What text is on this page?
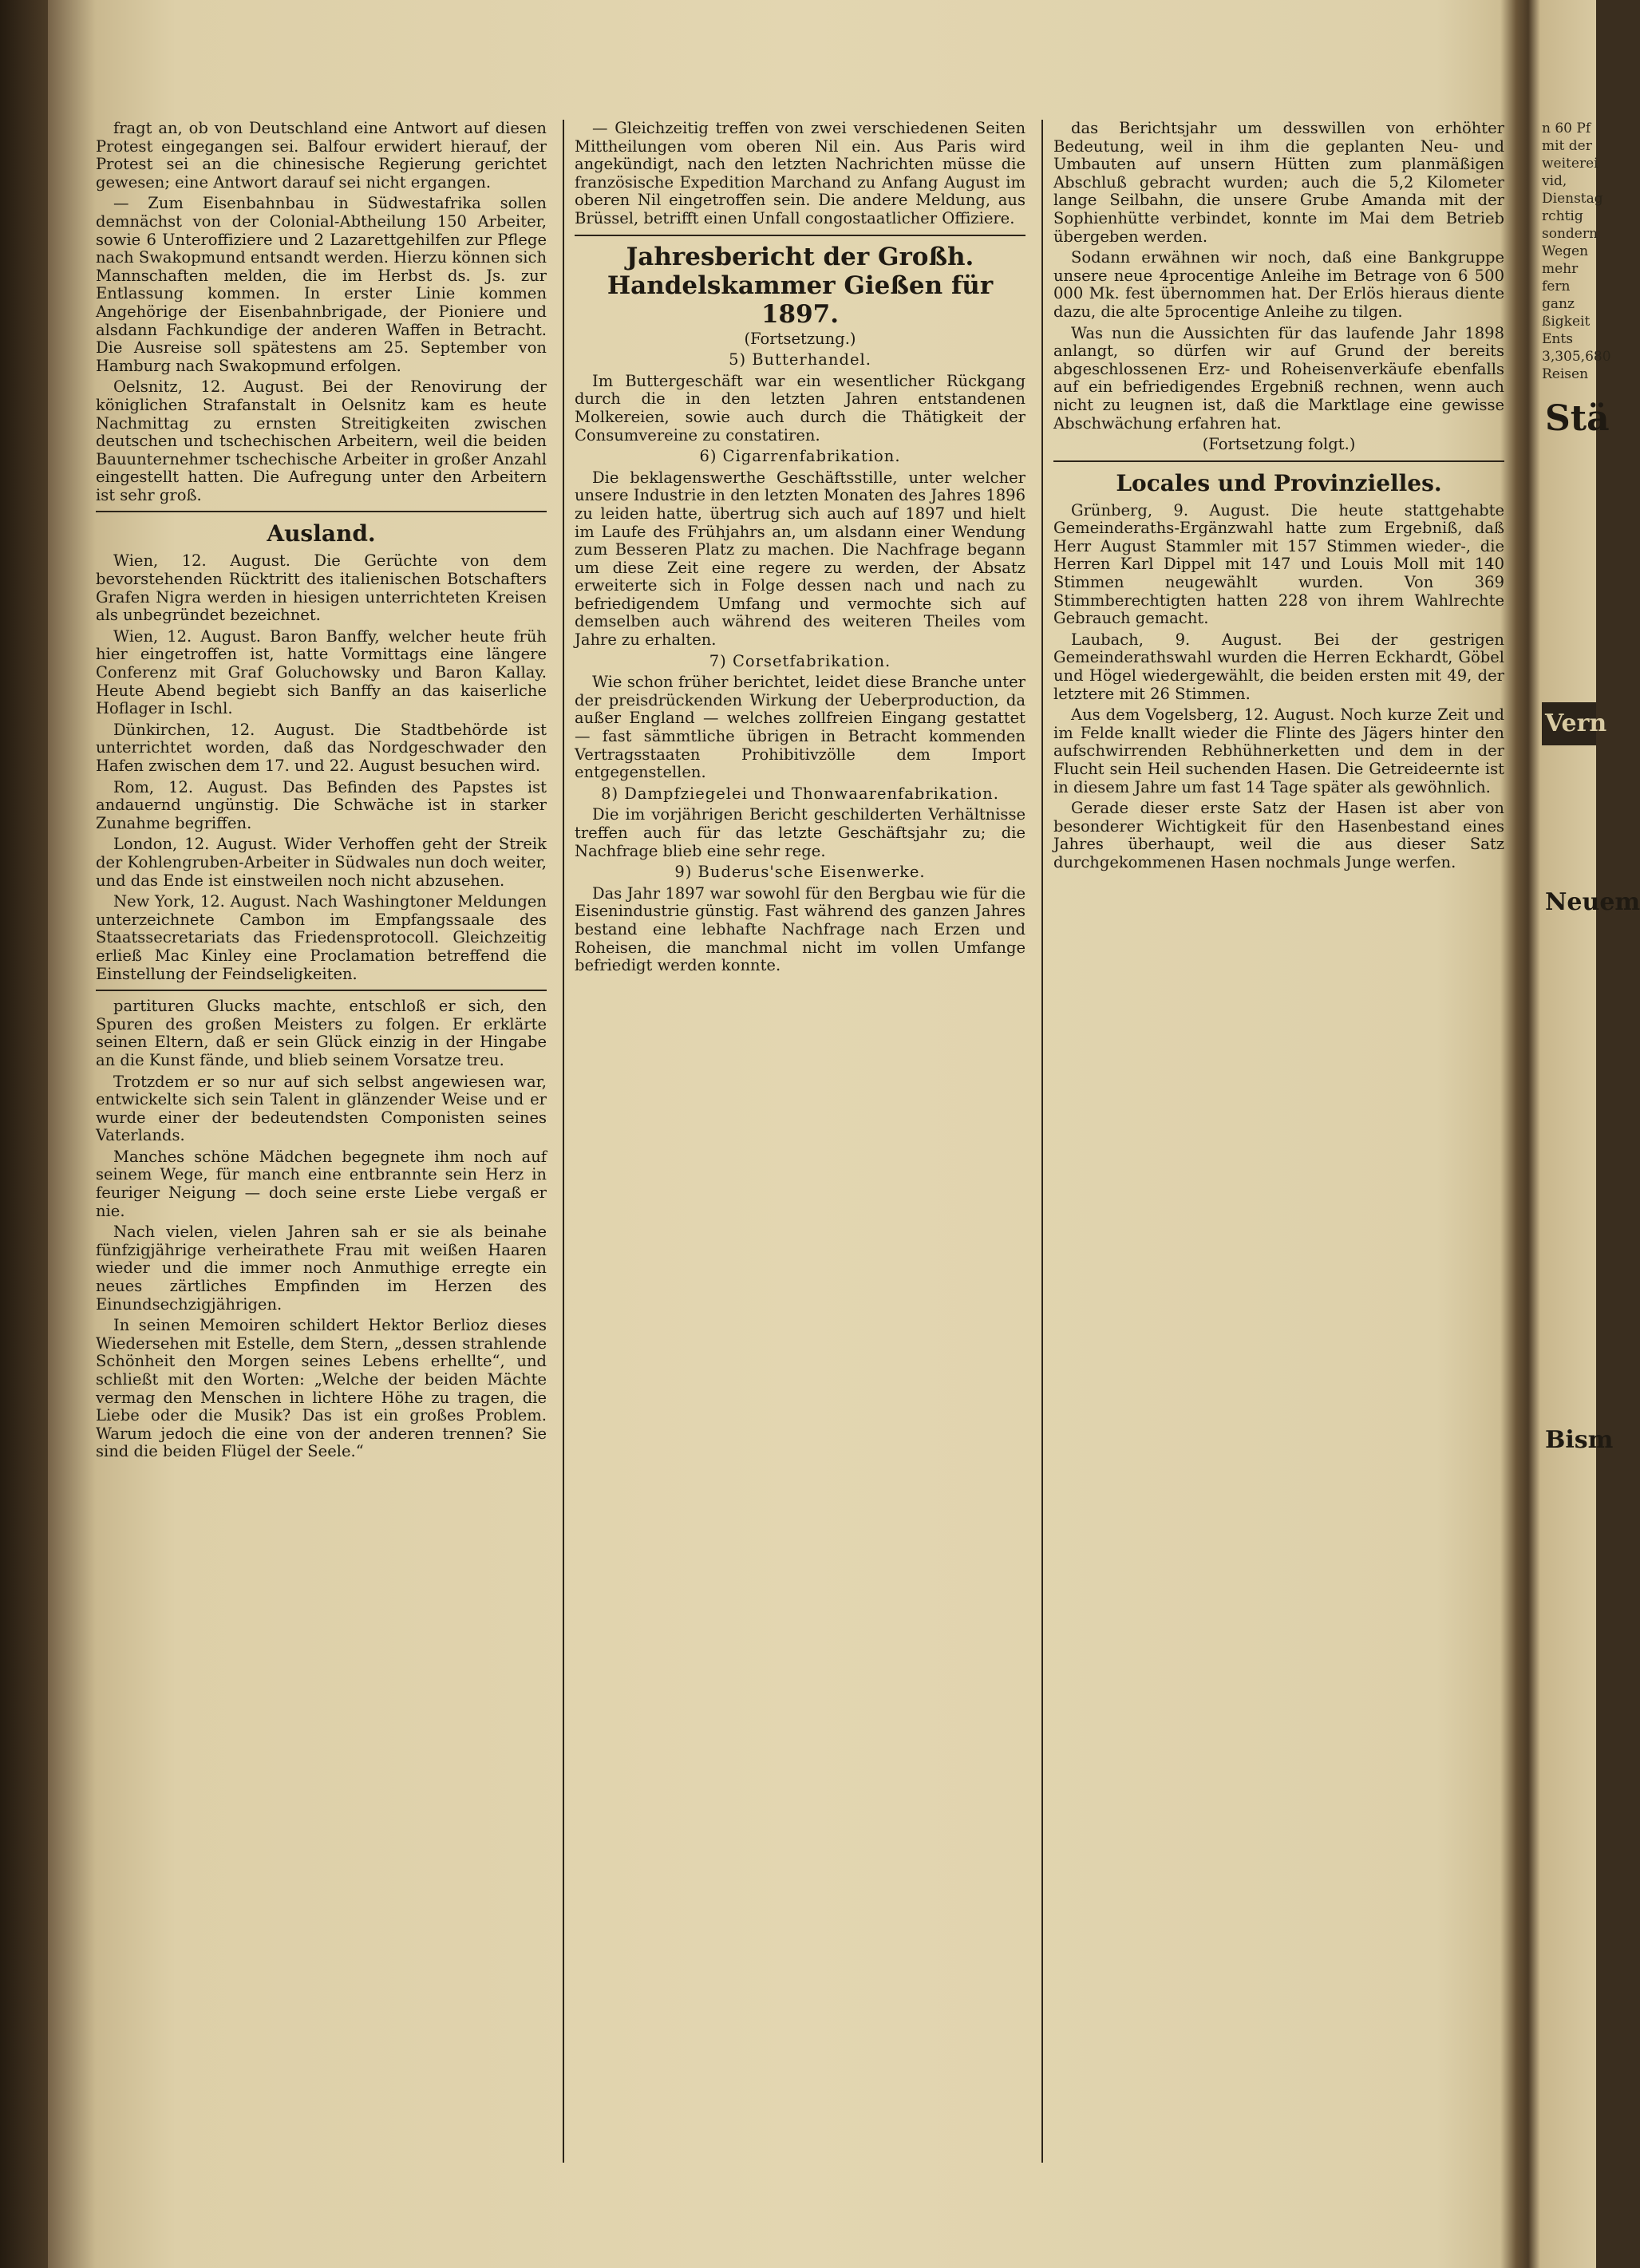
fragt an, ob von Deutschland eine Antwort auf diesen Protest eingegangen sei. Balfour erwidert hierauf, der Protest sei an die chinesische Regierung gerichtet gewesen; eine Antwort darauf sei nicht ergangen.

— Zum Eisenbahnbau in Südwestafrika sollen demnächst von der Colonial-Abtheilung 150 Arbeiter, sowie 6 Unteroffiziere und 2 Lazarettgehilfen zur Pflege nach Swakopmund entsandt werden. Hierzu können sich Mannschaften melden, die im Herbst ds. Js. zur Entlassung kommen. In erster Linie kommen Angehörige der Eisenbahnbrigade, der Pioniere und alsdann Fachkundige der anderen Waffen in Betracht. Die Ausreise soll spätestens am 25. September von Hamburg nach Swakopmund erfolgen.

Oelsnitz, 12. August. Bei der Renovirung der königlichen Strafanstalt in Oelsnitz kam es heute Nachmittag zu ernsten Streitigkeiten zwischen deutschen und tschechischen Arbeitern, weil die beiden Bauunternehmer tschechische Arbeiter in großer Anzahl eingestellt hatten. Die Aufregung unter den Arbeitern ist sehr groß.

Ausland.

Wien, 12. August. Die Gerüchte von dem bevorstehenden Rücktritt des italienischen Botschafters Grafen Nigra werden in hiesigen unterrichteten Kreisen als unbegründet bezeichnet.

Wien, 12. August. Baron Banffy, welcher heute früh hier eingetroffen ist, hatte Vormittags eine längere Conferenz mit Graf Goluchowsky und Baron Kallay. Heute Abend begiebt sich Banffy an das kaiserliche Hoflager in Ischl.

Dünkirchen, 12. August. Die Stadtbehörde ist unterrichtet worden, daß das Nordgeschwader den Hafen zwischen dem 17. und 22. August besuchen wird.

Rom, 12. August. Das Befinden des Papstes ist andauernd ungünstig. Die Schwäche ist in starker Zunahme begriffen.

London, 12. August. Wider Verhoffen geht der Streik der Kohlengruben-Arbeiter in Südwales nun doch weiter, und das Ende ist einstweilen noch nicht abzusehen.

New York, 12. August. Nach Washingtoner Meldungen unterzeichnete Cambon im Empfangssaale des Staatssecretariats das Friedensprotocoll. Gleichzeitig erließ Mac Kinley eine Proclamation betreffend die Einstellung der Feindseligkeiten.

partituren Glucks machte, entschloß er sich, den Spuren des großen Meisters zu folgen. Er erklärte seinen Eltern, daß er sein Glück einzig in der Hingabe an die Kunst fände, und blieb seinem Vorsatze treu.

Trotzdem er so nur auf sich selbst angewiesen war, entwickelte sich sein Talent in glänzender Weise und er wurde einer der bedeutendsten Componisten seines Vaterlands.

Manches schöne Mädchen begegnete ihm noch auf seinem Wege, für manch eine entbrannte sein Herz in feuriger Neigung — doch seine erste Liebe vergaß er nie.

Nach vielen, vielen Jahren sah er sie als beinahe fünfzigjährige verheirathete Frau mit weißen Haaren wieder und die immer noch Anmuthige erregte ein neues zärtliches Empfinden im Herzen des Einundsechzigjährigen.

In seinen Memoiren schildert Hektor Berlioz dieses Wiedersehen mit Estelle, dem Stern, „dessen strahlende Schönheit den Morgen seines Lebens erhellte“, und schließt mit den Worten: „Welche der beiden Mächte vermag den Menschen in lichtere Höhe zu tragen, die Liebe oder die Musik? Das ist ein großes Problem. Warum jedoch die eine von der anderen trennen? Sie sind die beiden Flügel der Seele.“

— Gleichzeitig treffen von zwei verschiedenen Seiten Mittheilungen vom oberen Nil ein. Aus Paris wird angekündigt, nach den letzten Nachrichten müsse die französische Expedition Marchand zu Anfang August im oberen Nil eingetroffen sein. Die andere Meldung, aus Brüssel, betrifft einen Unfall congostaatlicher Offiziere.

Jahresbericht der Großh. Handelskammer Gießen für 1897.

(Fortsetzung.)

5) Butterhandel.

Im Buttergeschäft war ein wesentlicher Rückgang durch die in den letzten Jahren entstandenen Molkereien, sowie auch durch die Thätigkeit der Consumvereine zu constatiren.

6) Cigarrenfabrikation.

Die beklagenswerthe Geschäftsstille, unter welcher unsere Industrie in den letzten Monaten des Jahres 1896 zu leiden hatte, übertrug sich auch auf 1897 und hielt im Laufe des Frühjahrs an, um alsdann einer Wendung zum Besseren Platz zu machen. Die Nachfrage begann um diese Zeit eine regere zu werden, der Absatz erweiterte sich in Folge dessen nach und nach zu befriedigendem Umfang und vermochte sich auf demselben auch während des weiteren Theiles vom Jahre zu erhalten.

7) Corsetfabrikation.

Wie schon früher berichtet, leidet diese Branche unter der preisdrückenden Wirkung der Ueberproduction, da außer England — welches zollfreien Eingang gestattet — fast sämmtliche übrigen in Betracht kommenden Vertragsstaaten Prohibitivzölle dem Import entgegenstellen.

8) Dampfziegelei und Thonwaarenfabrikation.

Die im vorjährigen Bericht geschilderten Verhältnisse treffen auch für das letzte Geschäftsjahr zu; die Nachfrage blieb eine sehr rege.

9) Buderus'sche Eisenwerke.

Das Jahr 1897 war sowohl für den Bergbau wie für die Eisenindustrie günstig. Fast während des ganzen Jahres bestand eine lebhafte Nachfrage nach Erzen und Roheisen, die manchmal nicht im vollen Umfange befriedigt werden konnte.

das Berichtsjahr um desswillen von erhöhter Bedeutung, weil in ihm die geplanten Neu- und Umbauten auf unsern Hütten zum planmäßigen Abschluß gebracht wurden; auch die 5,2 Kilometer lange Seilbahn, die unsere Grube Amanda mit der Sophienhütte verbindet, konnte im Mai dem Betrieb übergeben werden.

Sodann erwähnen wir noch, daß eine Bankgruppe unsere neue 4procentige Anleihe im Betrage von 6 500 000 Mk. fest übernommen hat. Der Erlös hieraus diente dazu, die alte 5procentige Anleihe zu tilgen.

Was nun die Aussichten für das laufende Jahr 1898 anlangt, so dürfen wir auf Grund der bereits abgeschlossenen Erz- und Roheisenverkäufe ebenfalls auf ein befriedigendes Ergebniß rechnen, wenn auch nicht zu leugnen ist, daß die Marktlage eine gewisse Abschwächung erfahren hat.

(Fortsetzung folgt.)

Locales und Provinzielles.

Grünberg, 9. August. Die heute stattgehabte Gemeinderaths-Ergänzwahl hatte zum Ergebniß, daß Herr August Stammler mit 157 Stimmen wieder-, die Herren Karl Dippel mit 147 und Louis Moll mit 140 Stimmen neugewählt wurden. Von 369 Stimmberechtigten hatten 228 von ihrem Wahlrechte Gebrauch gemacht.

Laubach, 9. August. Bei der gestrigen Gemeinderathswahl wurden die Herren Eckhardt, Göbel und Högel wiedergewählt, die beiden ersten mit 49, der letztere mit 26 Stimmen.

Aus dem Vogelsberg, 12. August. Noch kurze Zeit und im Felde knallt wieder die Flinte des Jägers hinter den aufschwirrenden Rebhühnerketten und dem in der Flucht sein Heil suchenden Hasen. Die Getreideernte ist in diesem Jahre um fast 14 Tage später als gewöhnlich.

Gerade dieser erste Satz der Hasen ist aber von besonderer Wichtigkeit für den Hasenbestand eines Jahres überhaupt, weil die aus dieser Satz durchgekommenen Hasen nochmals Junge werfen.

n 60 Pf
mit der
weiterei
vid,
Dienstag
rchtig
sondern
Wegen
mehr
fern
ganz
ßigkeit
Ents
3,305,680
Reisen
Stä
Vern
Neuem
Bism
